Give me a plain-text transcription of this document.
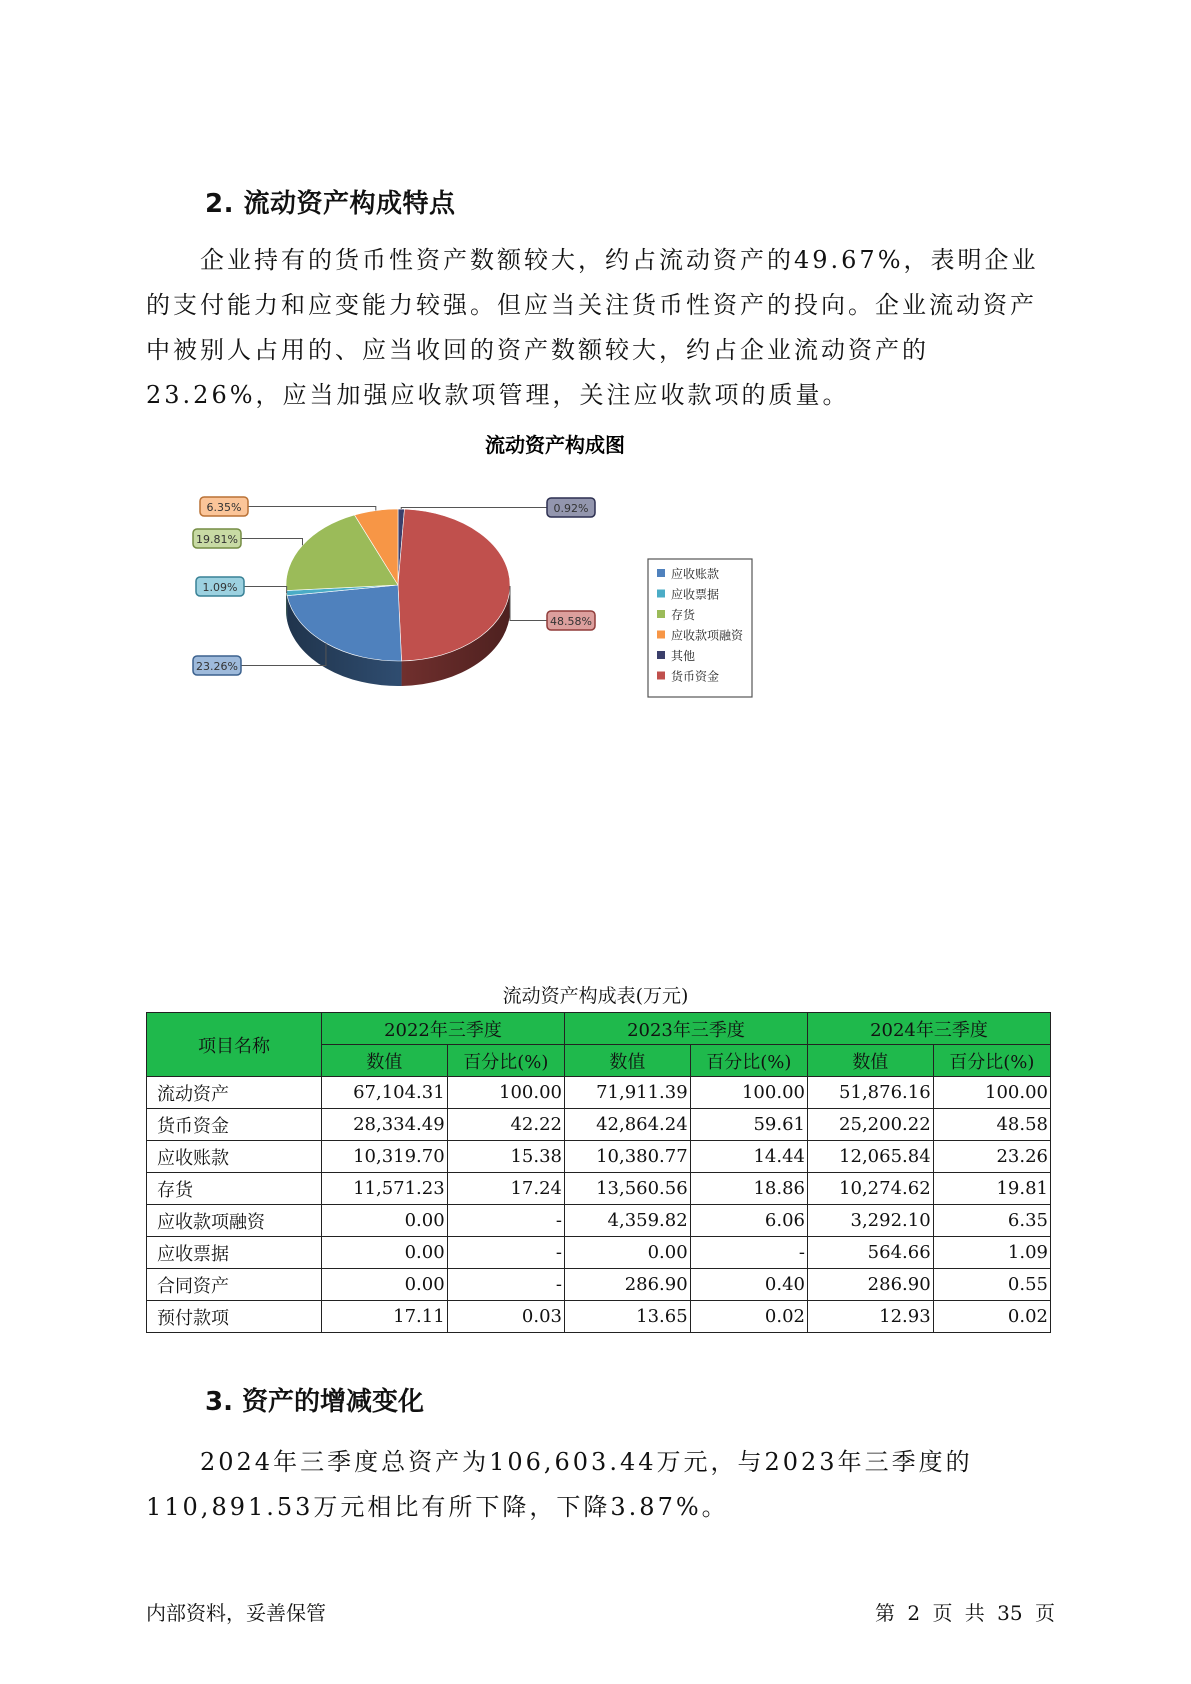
2. 流动资产构成特点

企业持有的货币性资产数额较大，约占流动资产的49.67%，表明企业的支付能力和应变能力较强。但应当关注货币性资产的投向。企业流动资产中被别人占用的、应当收回的资产数额较大，约占企业流动资产的23.26%，应当加强应收款项管理，关注应收款项的质量。

流动资产构成图
0.92%
48.58%
23.26%
1.09%
19.81%
6.35%
应收账款
应收票据
存货
应收款项融资
其他
货币资金
流动资产构成表(万元)
项目名称	2022年三季度		2023年三季度		2024年三季度	
	数值	百分比(%)	数值	百分比(%)	数值	百分比(%)
流动资产	67,104.31	100.00	71,911.39	100.00	51,876.16	100.00
货币资金	28,334.49	42.22	42,864.24	59.61	25,200.22	48.58
应收账款	10,319.70	15.38	10,380.77	14.44	12,065.84	23.26
存货	11,571.23	17.24	13,560.56	18.86	10,274.62	19.81
应收款项融资	0.00	-	4,359.82	6.06	3,292.10	6.35
应收票据	0.00	-	0.00	-	564.66	1.09
合同资产	0.00	-	286.90	0.40	286.90	0.55
预付款项	17.11	0.03	13.65	0.02	12.93	0.02
3. 资产的增减变化

2024年三季度总资产为106,603.44万元，与2023年三季度的110,891.53万元相比有所下降，下降3.87%。

内部资料，妥善保管	第 2 页 共 35 页
